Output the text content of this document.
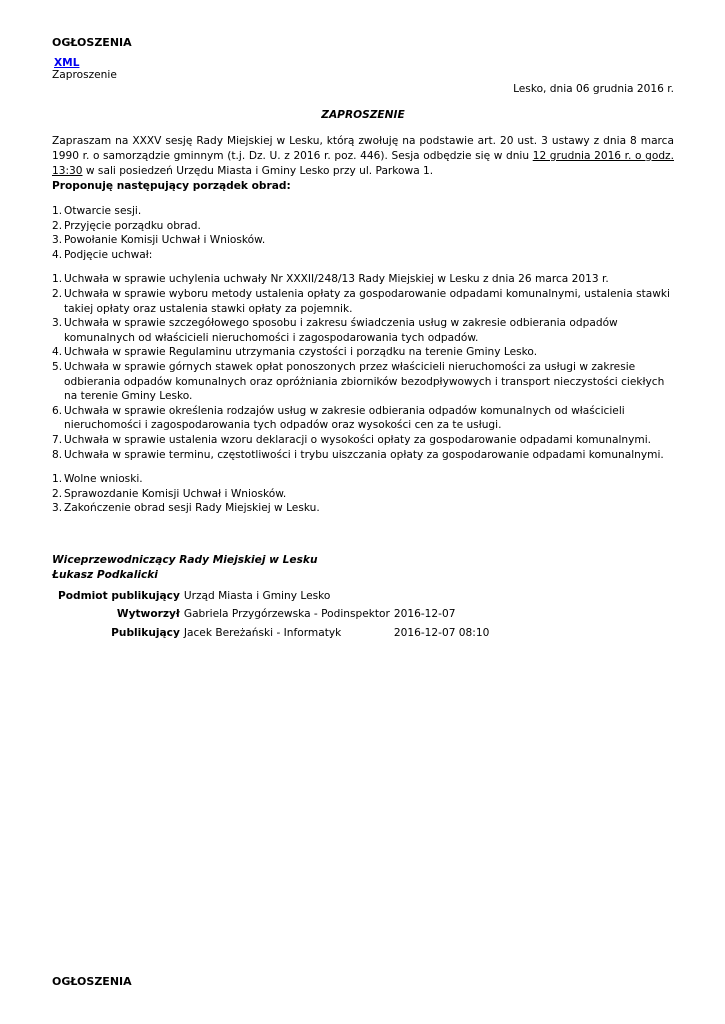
OGŁOSZENIA
XML
Zaproszenie
Lesko, dnia 06 grudnia 2016 r.
ZAPROSZENIE
Zapraszam na XXXV sesję Rady Miejskiej w Lesku, którą zwołuję na podstawie art. 20 ust. 3 ustawy z dnia 8 marca 1990 r. o samorządzie gminnym (t.j. Dz. U. z 2016 r. poz. 446). Sesja odbędzie się w dniu 12 grudnia 2016 r. o godz. 13:30 w sali posiedzeń Urzędu Miasta i Gminy Lesko przy ul. Parkowa 1.
Proponuję następujący porządek obrad:
Otwarcie sesji.
Przyjęcie porządku obrad.
Powołanie Komisji Uchwał i Wniosków.
Podjęcie uchwał:
Uchwała w sprawie uchylenia uchwały Nr XXXII/248/13 Rady Miejskiej w Lesku z dnia 26 marca 2013 r.
Uchwała w sprawie wyboru metody ustalenia opłaty za gospodarowanie odpadami komunalnymi, ustalenia stawki takiej opłaty oraz ustalenia stawki opłaty za pojemnik.
Uchwała w sprawie szczegółowego sposobu i zakresu świadczenia usług w zakresie odbierania odpadów komunalnych od właścicieli nieruchomości i zagospodarowania tych odpadów.
Uchwała w sprawie Regulaminu utrzymania czystości i porządku na terenie Gminy Lesko.
Uchwała w sprawie górnych stawek opłat ponoszonych przez właścicieli nieruchomości za usługi w zakresie odbierania odpadów komunalnych oraz opróżniania zbiorników bezodpływowych i transport nieczystości ciekłych na terenie Gminy Lesko.
Uchwała w sprawie określenia rodzajów usług w zakresie odbierania odpadów komunalnych od właścicieli nieruchomości i zagospodarowania tych odpadów oraz wysokości cen za te usługi.
Uchwała w sprawie ustalenia wzoru deklaracji o wysokości opłaty za gospodarowanie odpadami komunalnymi.
Uchwała w sprawie terminu, częstotliwości i trybu uiszczania opłaty za gospodarowanie odpadami komunalnymi.
Wolne wnioski.
Sprawozdanie Komisji Uchwał i Wniosków.
Zakończenie obrad sesji Rady Miejskiej w Lesku.
Wiceprzewodniczący Rady Miejskiej w Lesku
Łukasz Podkalicki
Podmiot publikujący	Urząd Miasta i Gminy Lesko	
Wytworzył	Gabriela Przygórzewska - Podinspektor	2016-12-07
Publikujący	Jacek Bereżański - Informatyk	2016-12-07 08:10
OGŁOSZENIA
